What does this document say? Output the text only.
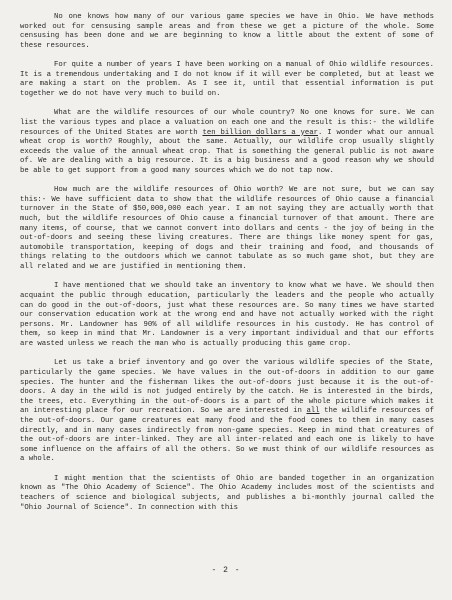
No one knows how many of our various game species we have in Ohio. We have methods worked out for censusing sample areas and from these we get a picture of the whole. Some censusing has been done and we are beginning to know a little about the extent of some of these resources.

For quite a number of years I have been working on a manual of Ohio wildlife resources. It is a tremendous undertaking and I do not know if it will ever be completed, but at least we are making a start on the problem. As I see it, until that essential information is put together we do not have very much to build on.

What are the wildlife resources of our whole country? No one knows for sure. We can list the various types and place a valuation on each one and the result is this:- the wildlife resources of the United States are worth ten billion dollars a year. I wonder what our annual wheat crop is worth? Roughly, about the same. Actually, our wildlife crop usually slightly exceeds the value of the annual wheat crop. That is something the general public is not aware of. We are dealing with a big resource. It is a big business and a good reason why we should be able to get support from a good many sources which we do not tap now.

How much are the wildlife resources of Ohio worth? We are not sure, but we can say this:- We have sufficient data to show that the wildlife resources of Ohio cause a financial turnover in the State of $50,000,000 each year. I am not saying they are actually worth that much, but the wildlife resources of Ohio cause a financial turnover of that amount. There are many items, of course, that we cannot convert into dollars and cents - the joy of being in the out-of-doors and seeing these living creatures. There are things like money spent for gas, automobile transportation, keeping of dogs and their training and food, and thousands of things relating to the outdoors which we cannot tabulate as so much game shot, but they are all related and we are justified in mentioning them.

I have mentioned that we should take an inventory to know what we have. We should then acquaint the public through education, particularly the leaders and the people who actually can do good in the out-of-doors, just what these resources are. So many times we have started our conservation education work at the wrong end and have not actually worked with the right persons. Mr. Landowner has 90% of all wildlife resources in his custody. He has control of them, so keep in mind that Mr. Landowner is a very important individual and that our efforts are wasted unless we reach the man who is actually producing this game crop.

Let us take a brief inventory and go over the various wildlife species of the State, particularly the game species. We have values in the out-of-doors in addition to our game species. The hunter and the fisherman likes the out-of-doors just because it is the out-of-doors. A day in the wild is not judged entirely by the catch. He is interested in the birds, the trees, etc. Everything in the out-of-doors is a part of the whole picture which makes it an interesting place for our recreation. So we are interested in all the wildlife resources of the out-of-doors. Our game creatures eat many food and the food comes to them in many cases directly, and in many cases indirectly from non-game species. Keep in mind that creatures of the out-of-doors are inter-linked. They are all inter-related and each one is likely to have some influence on the affairs of all the others. So we must think of our wildlife resources as a whole.

I might mention that the scientists of Ohio are banded together in an organization known as "The Ohio Academy of Science". The Ohio Academy includes most of the scientists and teachers of science and biological subjects, and publishes a bi-monthly journal called the "Ohio Journal of Science". In connection with this

- 2 -
